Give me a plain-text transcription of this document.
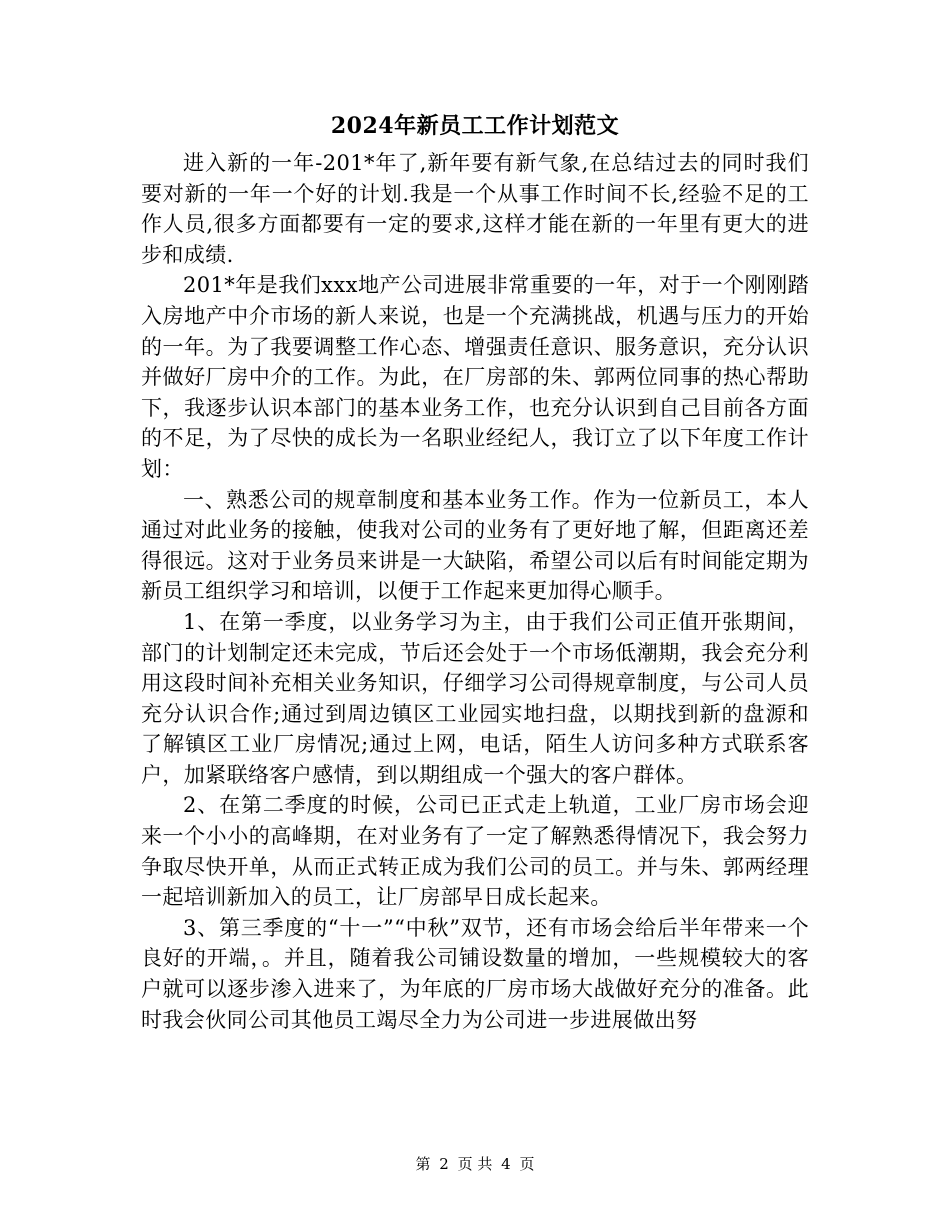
2024年新员工工作计划范文

进入新的一年-201*年了,新年要有新气象,在总结过去的同时我们要对新的一年一个好的计划.我是一个从事工作时间不长,经验不足的工作人员,很多方面都要有一定的要求,这样才能在新的一年里有更大的进步和成绩.

201*年是我们xxx地产公司进展非常重要的一年，对于一个刚刚踏入房地产中介市场的新人来说，也是一个充满挑战，机遇与压力的开始的一年。为了我要调整工作心态、增强责任意识、服务意识，充分认识并做好厂房中介的工作。为此，在厂房部的朱、郭两位同事的热心帮助下，我逐步认识本部门的基本业务工作，也充分认识到自己目前各方面的不足，为了尽快的成长为一名职业经纪人，我订立了以下年度工作计划：

一、熟悉公司的规章制度和基本业务工作。作为一位新员工，本人通过对此业务的接触，使我对公司的业务有了更好地了解，但距离还差得很远。这对于业务员来讲是一大缺陷，希望公司以后有时间能定期为新员工组织学习和培训，以便于工作起来更加得心顺手。

1、在第一季度，以业务学习为主，由于我们公司正值开张期间，部门的计划制定还未完成，节后还会处于一个市场低潮期，我会充分利用这段时间补充相关业务知识，仔细学习公司得规章制度，与公司人员充分认识合作;通过到周边镇区工业园实地扫盘，以期找到新的盘源和了解镇区工业厂房情况;通过上网，电话，陌生人访问多种方式联系客户，加紧联络客户感情，到以期组成一个强大的客户群体。

2、在第二季度的时候，公司已正式走上轨道，工业厂房市场会迎来一个小小的高峰期，在对业务有了一定了解熟悉得情况下，我会努力争取尽快开单，从而正式转正成为我们公司的员工。并与朱、郭两经理一起培训新加入的员工，让厂房部早日成长起来。

3、第三季度的“十一”“中秋”双节，还有市场会给后半年带来一个良好的开端，。并且，随着我公司铺设数量的增加，一些规模较大的客户就可以逐步渗入进来了，为年底的厂房市场大战做好充分的准备。此时我会伙同公司其他员工竭尽全力为公司进一步进展做出努

第 2 页 共 4 页
